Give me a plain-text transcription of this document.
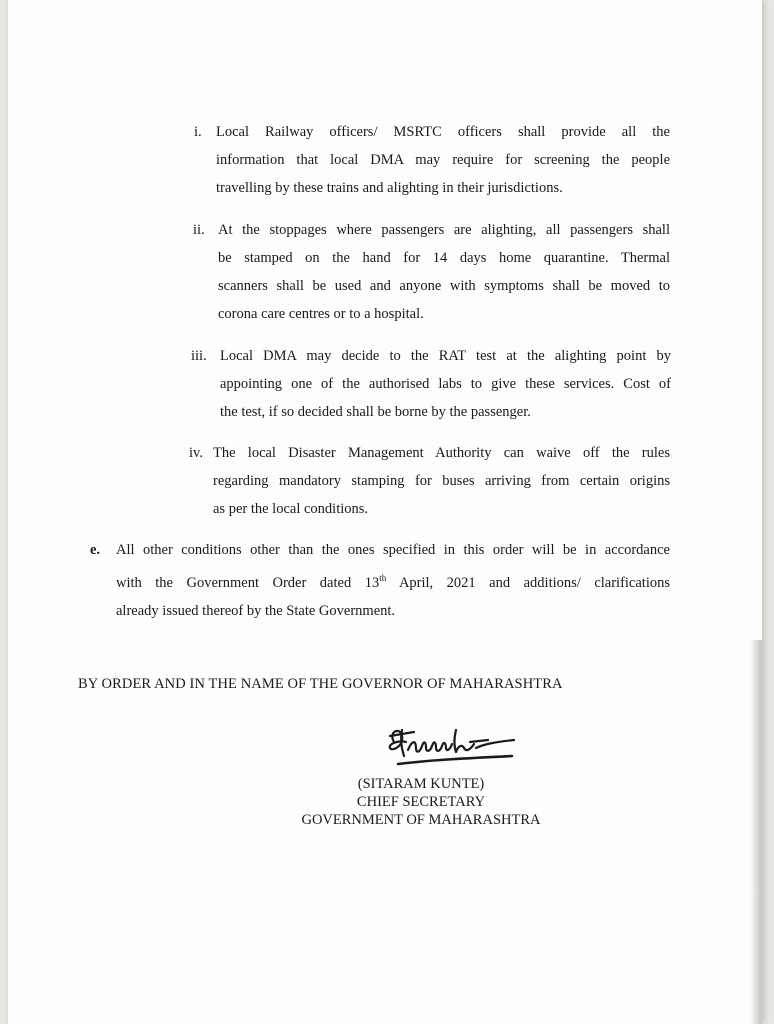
i. Local Railway officers/ MSRTC officers shall provide all the
information that local DMA may require for screening the people
travelling by these trains and alighting in their jurisdictions.
ii. At the stoppages where passengers are alighting, all passengers shall
be stamped on the hand for 14 days home quarantine. Thermal
scanners shall be used and anyone with symptoms shall be moved to
corona care centres or to a hospital.
iii. Local DMA may decide to the RAT test at the alighting point by
appointing one of the authorised labs to give these services. Cost of
the test, if so decided shall be borne by the passenger.
iv. The local Disaster Management Authority can waive off the rules
regarding mandatory stamping for buses arriving from certain origins
as per the local conditions.
e. All other conditions other than the ones specified in this order will be in accordance
with the Government Order dated 13th April, 2021 and additions/ clarifications
already issued thereof by the State Government.
BY ORDER AND IN THE NAME OF THE GOVERNOR OF MAHARASHTRA
(SITARAM KUNTE)
CHIEF SECRETARY
GOVERNMENT OF MAHARASHTRA
